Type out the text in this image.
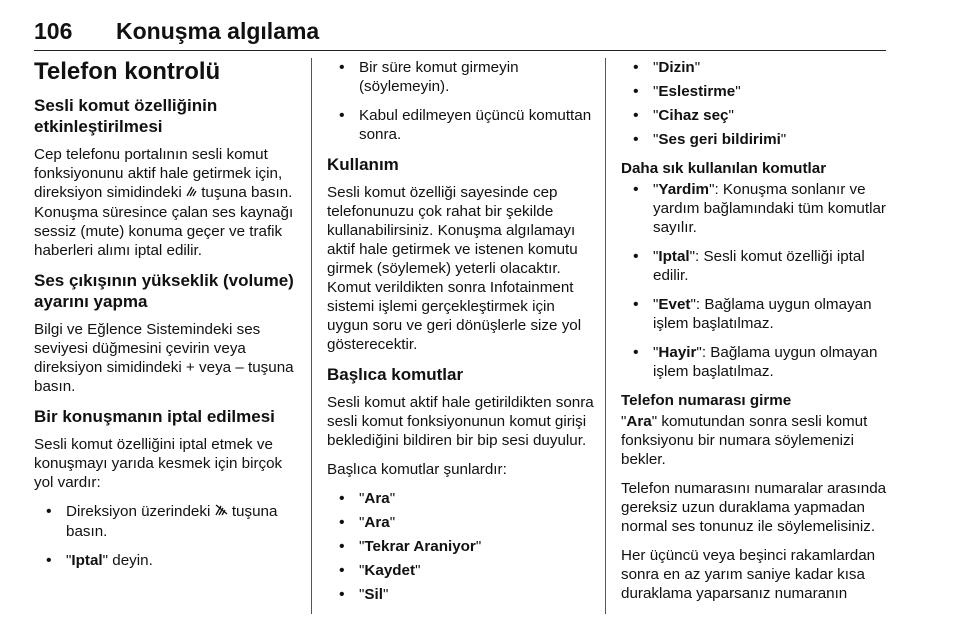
106 Konuşma algılama
Telefon kontrolü
Sesli komut özelliğinin etkinleştirilmesi

Cep telefonu portalının sesli komut fonksiyonunu aktif hale getirmek için, direksiyon simidindeki tuşuna basın. Konuşma süresince çalan ses kaynağı sessiz (mute) konuma geçer ve trafik haberleri alımı iptal edilir.

Ses çıkışının yükseklik (volume) ayarını yapma

Bilgi ve Eğlence Sistemindeki ses seviyesi düğmesini çevirin veya direksiyon simidindeki + veya – tuşuna basın.

Bir konuşmanın iptal edilmesi

Sesli komut özelliğini iptal etmek ve konuşmayı yarıda kesmek için birçok yol vardır:

• Direksiyon üzerindeki tuşuna basın.
• "Iptal" deyin.
• Bir süre komut girmeyin (söylemeyin).
• Kabul edilmeyen üçüncü komuttan sonra.
Kullanım

Sesli komut özelliği sayesinde cep telefonunuzu çok rahat bir şekilde kullanabilirsiniz. Konuşma algılamayı aktif hale getirmek ve istenen komutu girmek (söylemek) yeterli olacaktır. Komut verildikten sonra Infotainment sistemi işlemi gerçekleştirmek için uygun soru ve geri dönüşlerle size yol gösterecektir.

Başlıca komutlar

Sesli komut aktif hale getirildikten sonra sesli komut fonksiyonunun komut girişi beklediğini bildiren bir bip sesi duyulur.

Başlıca komutlar şunlardır:

• "Ara"
• "Ara"
• "Tekrar Araniyor"
• "Kaydet"
• "Sil"
• "Dizin"
• "Eslestirme"
• "Cihaz seç"
• "Ses geri bildirimi"
Daha sık kullanılan komutlar
• "Yardim": Konuşma sonlanır ve yardım bağlamındaki tüm komutlar sayılır.
• "Iptal": Sesli komut özelliği iptal edilir.
• "Evet": Bağlama uygun olmayan işlem başlatılmaz.
• "Hayir": Bağlama uygun olmayan işlem başlatılmaz.
Telefon numarası girme

"Ara" komutundan sonra sesli komut fonksiyonu bir numara söylemenizi bekler.

Telefon numarasını numaralar arasında gereksiz uzun duraklama yapmadan normal ses tonunuz ile söylemelisiniz.

Her üçüncü veya beşinci rakamlardan sonra en az yarım saniye kadar kısa duraklama yaparsanız numaranın
